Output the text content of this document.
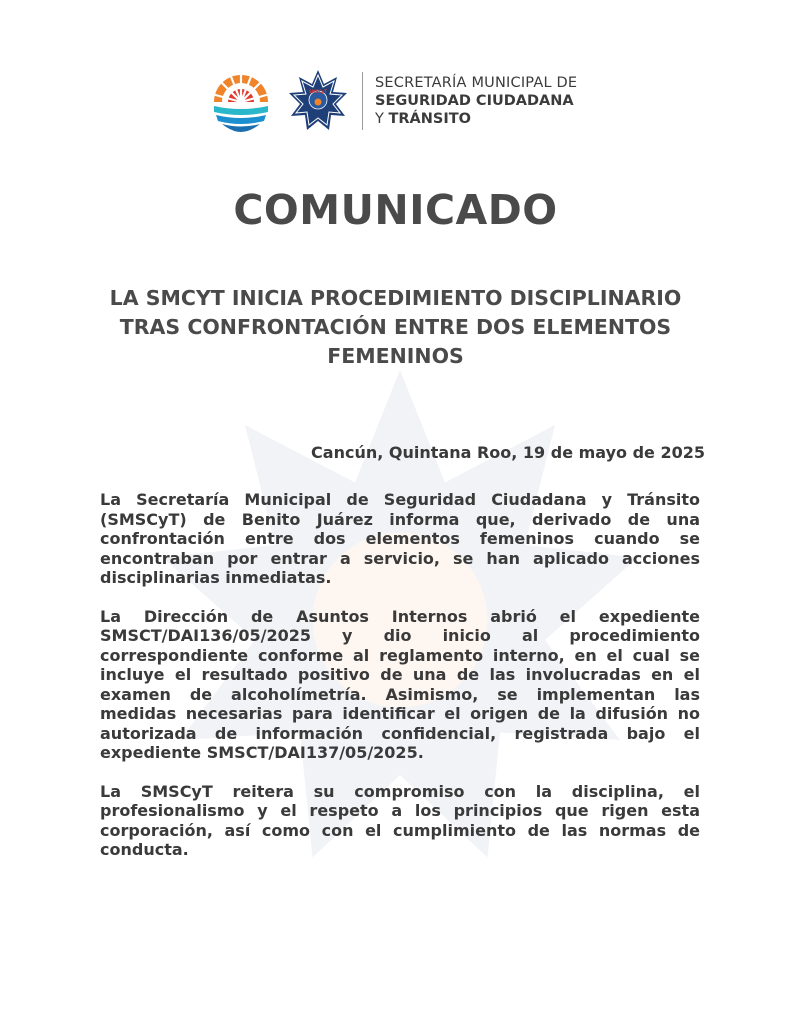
SMSCyT
SECRETARÍA MUNICIPAL DE
SEGURIDAD CIUDADANA
Y TRÁNSITO
COMUNICADO
LA SMCYT INICIA PROCEDIMIENTO DISCIPLINARIO TRAS CONFRONTACIÓN ENTRE DOS ELEMENTOS FEMENINOS
Cancún, Quintana Roo, 19 de mayo de 2025

La Secretaría Municipal de Seguridad Ciudadana y Tránsito (SMSCyT) de Benito Juárez informa que, derivado de una confrontación entre dos elementos femeninos cuando se encontraban por entrar a servicio, se han aplicado acciones disciplinarias inmediatas.

La Dirección de Asuntos Internos abrió el expediente SMSCT/DAI136/05/2025 y dio inicio al procedimiento correspondiente conforme al reglamento interno, en el cual se incluye el resultado positivo de una de las involucradas en el examen de alcoholímetría. Asimismo, se implementan las medidas necesarias para identificar el origen de la difusión no autorizada de información confidencial, registrada bajo el expediente SMSCT/DAI137/05/2025.

La SMSCyT reitera su compromiso con la disciplina, el profesionalismo y el respeto a los principios que rigen esta corporación, así como con el cumplimiento de las normas de conducta.
